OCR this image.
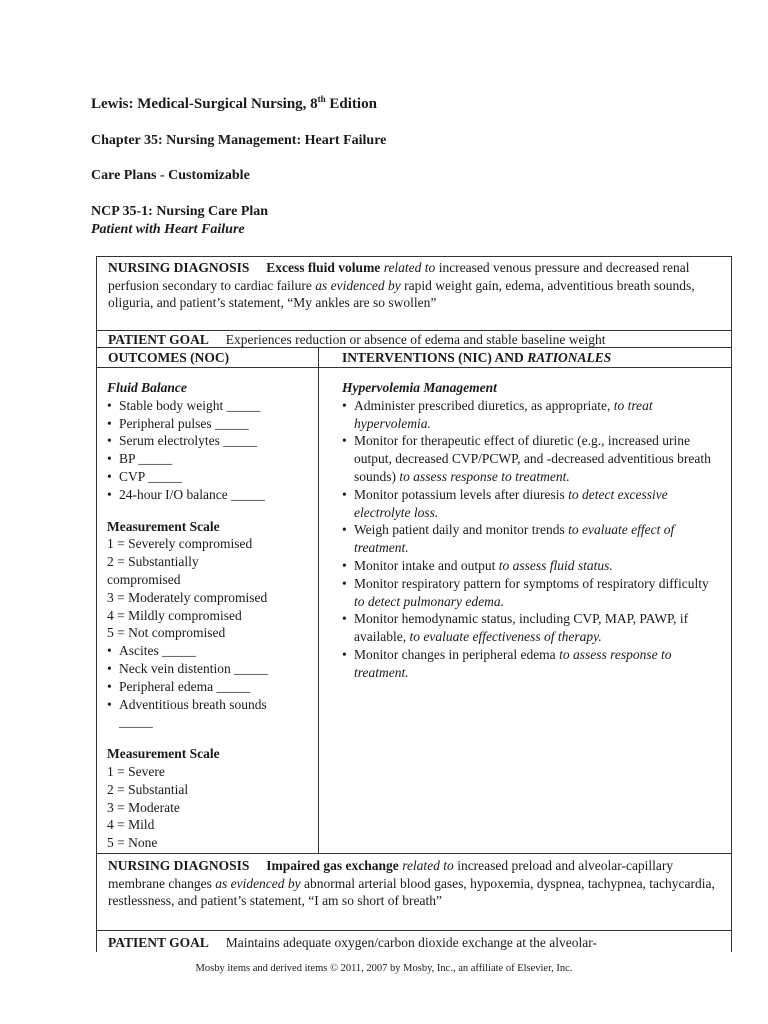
Lewis: Medical-Surgical Nursing, 8th Edition
Chapter 35: Nursing Management: Heart Failure
Care Plans - Customizable
NCP 35-1: Nursing Care Plan
Patient with Heart Failure
NURSING DIAGNOSIS Excess fluid volume related to increased venous pressure and decreased renal perfusion secondary to cardiac failure as evidenced by rapid weight gain, edema, adventitious breath sounds, oliguria, and patient’s statement, “My ankles are so swollen”
PATIENT GOAL Experiences reduction or absence of edema and stable baseline weight
OUTCOMES (NOC)	INTERVENTIONS (NIC) AND RATIONALES
Fluid Balance
• Stable body weight _____
• Peripheral pulses _____
• Serum electrolytes _____
• BP _____
• CVP _____
• 24-hour I/O balance _____
Measurement Scale
1 = Severely compromised
2 = Substantially
compromised
3 = Moderately compromised
4 = Mildly compromised
5 = Not compromised
• Ascites _____
• Neck vein distention _____
• Peripheral edema _____
• Adventitious breath sounds
_____
Measurement Scale
1 = Severe
2 = Substantial
3 = Moderate
4 = Mild
5 = None
Hypervolemia Management
• Administer prescribed diuretics, as appropriate, to treat hypervolemia.
• Monitor for therapeutic effect of diuretic (e.g., increased urine output, decreased CVP/PCWP, and -decreased adventitious breath sounds) to assess response to treatment.
• Monitor potassium levels after diuresis to detect excessive electrolyte loss.
• Weigh patient daily and monitor trends to evaluate effect of treatment.
• Monitor intake and output to assess fluid status.
• Monitor respiratory pattern for symptoms of respiratory difficulty to detect pulmonary edema.
• Monitor hemodynamic status, including CVP, MAP, PAWP, if available, to evaluate effectiveness of therapy.
• Monitor changes in peripheral edema to assess response to treatment.
NURSING DIAGNOSIS Impaired gas exchange related to increased preload and alveolar-capillary membrane changes as evidenced by abnormal arterial blood gases, hypoxemia, dyspnea, tachypnea, tachycardia, restlessness, and patient’s statement, “I am so short of breath”
PATIENT GOAL Maintains adequate oxygen/carbon dioxide exchange at the alveolar-
Mosby items and derived items © 2011, 2007 by Mosby, Inc., an affiliate of Elsevier, Inc.
